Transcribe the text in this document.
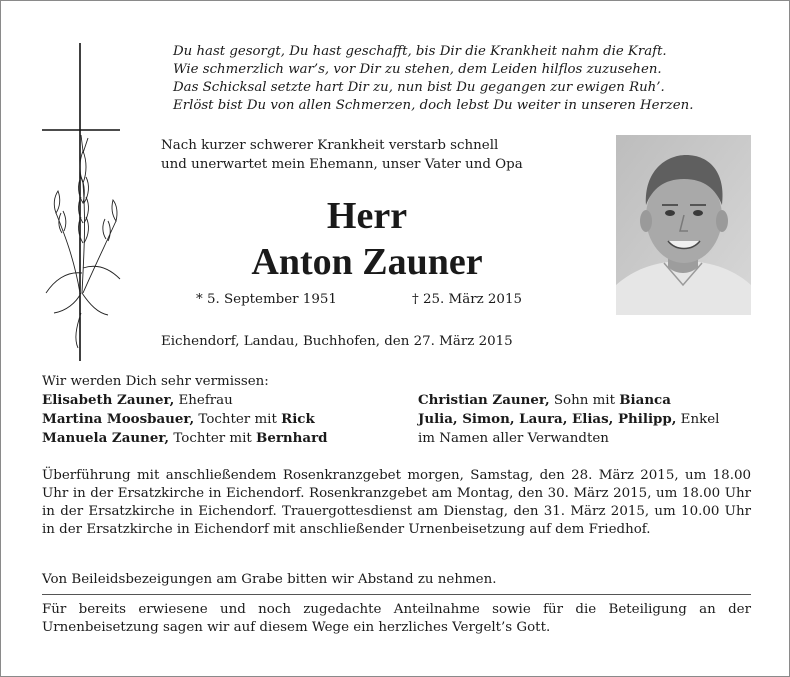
Du hast gesorgt, Du hast geschafft, bis Dir die Krankheit nahm die Kraft.
Wie schmerzlich war’s, vor Dir zu stehen, dem Leiden hilflos zuzusehen.
Das Schicksal setzte hart Dir zu, nun bist Du gegangen zur ewigen Ruh’.
Erlöst bist Du von allen Schmerzen, doch lebst Du weiter in unseren Herzen.
Nach kurzer schwerer Krankheit verstarb schnell
und unerwartet mein Ehemann, unser Vater und Opa
Herr
Anton Zauner
* 5. September 1951	† 25. März 2015
Eichendorf, Landau, Buchhofen, den 27. März 2015
Wir werden Dich sehr vermissen:
Elisabeth Zauner, Ehefrau
Martina Moosbauer, Tochter mit Rick
Manuela Zauner, Tochter mit Bernhard
Christian Zauner, Sohn mit Bianca
Julia, Simon, Laura, Elias, Philipp, Enkel
im Namen aller Verwandten
Überführung mit anschließendem Rosenkranzgebet morgen, Samstag, den 28. März 2015, um 18.00 Uhr in der Ersatzkirche in Eichendorf. Rosenkranzgebet am Montag, den 30. März 2015, um 18.00 Uhr in der Ersatzkirche in Eichendorf. Trauergottesdienst am Dienstag, den 31. März 2015, um 10.00 Uhr in der Ersatzkirche in Eichendorf mit anschließender Urnenbeisetzung auf dem Friedhof.
Von Beileidsbezeigungen am Grabe bitten wir Abstand zu nehmen.
Für bereits erwiesene und noch zugedachte Anteilnahme sowie für die Beteiligung an der Urnenbeisetzung sagen wir auf diesem Wege ein herzliches Vergelt’s Gott.
